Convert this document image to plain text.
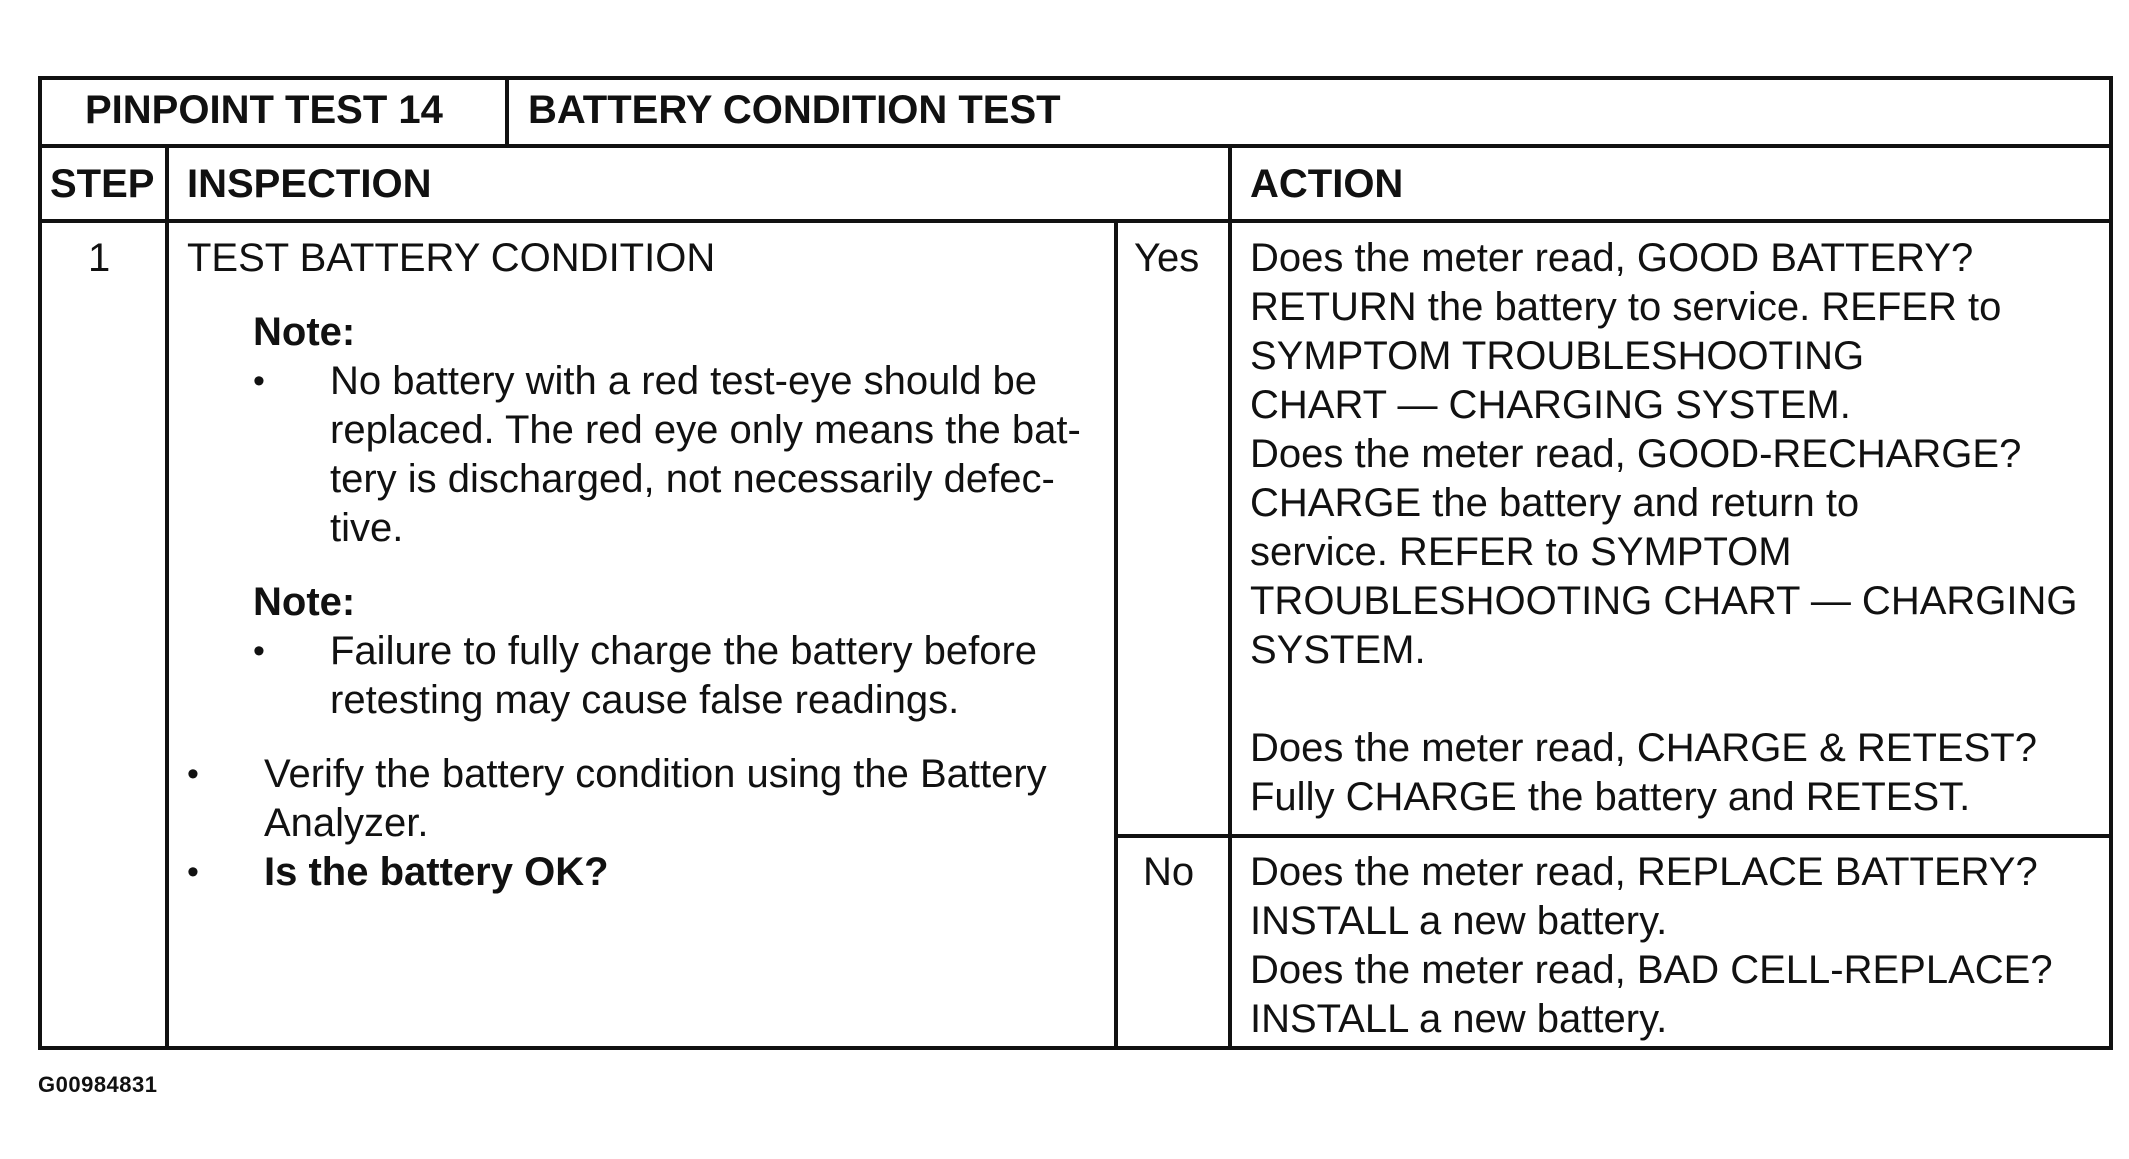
PINPOINT TEST 14 BATTERY CONDITION TEST
STEP INSPECTION	ACTION
1 TEST BATTERY CONDITION
Note:
• No battery with a red test-eye should be
replaced. The red eye only means the bat-
tery is discharged, not necessarily defec-
tive.
Note:
• Failure to fully charge the battery before
retesting may cause false readings.
• Verify the battery condition using the Battery
Analyzer.
• Is the battery OK?
Yes
No
Does the meter read, GOOD BATTERY?
RETURN the battery to service. REFER to
SYMPTOM TROUBLESHOOTING
CHART — CHARGING SYSTEM.
Does the meter read, GOOD-RECHARGE?
CHARGE the battery and return to
service. REFER to SYMPTOM
TROUBLESHOOTING CHART — CHARGING
SYSTEM.
Does the meter read, CHARGE & RETEST?
Fully CHARGE the battery and RETEST.
Does the meter read, REPLACE BATTERY?
INSTALL a new battery.
Does the meter read, BAD CELL-REPLACE?
INSTALL a new battery.
G00984831
